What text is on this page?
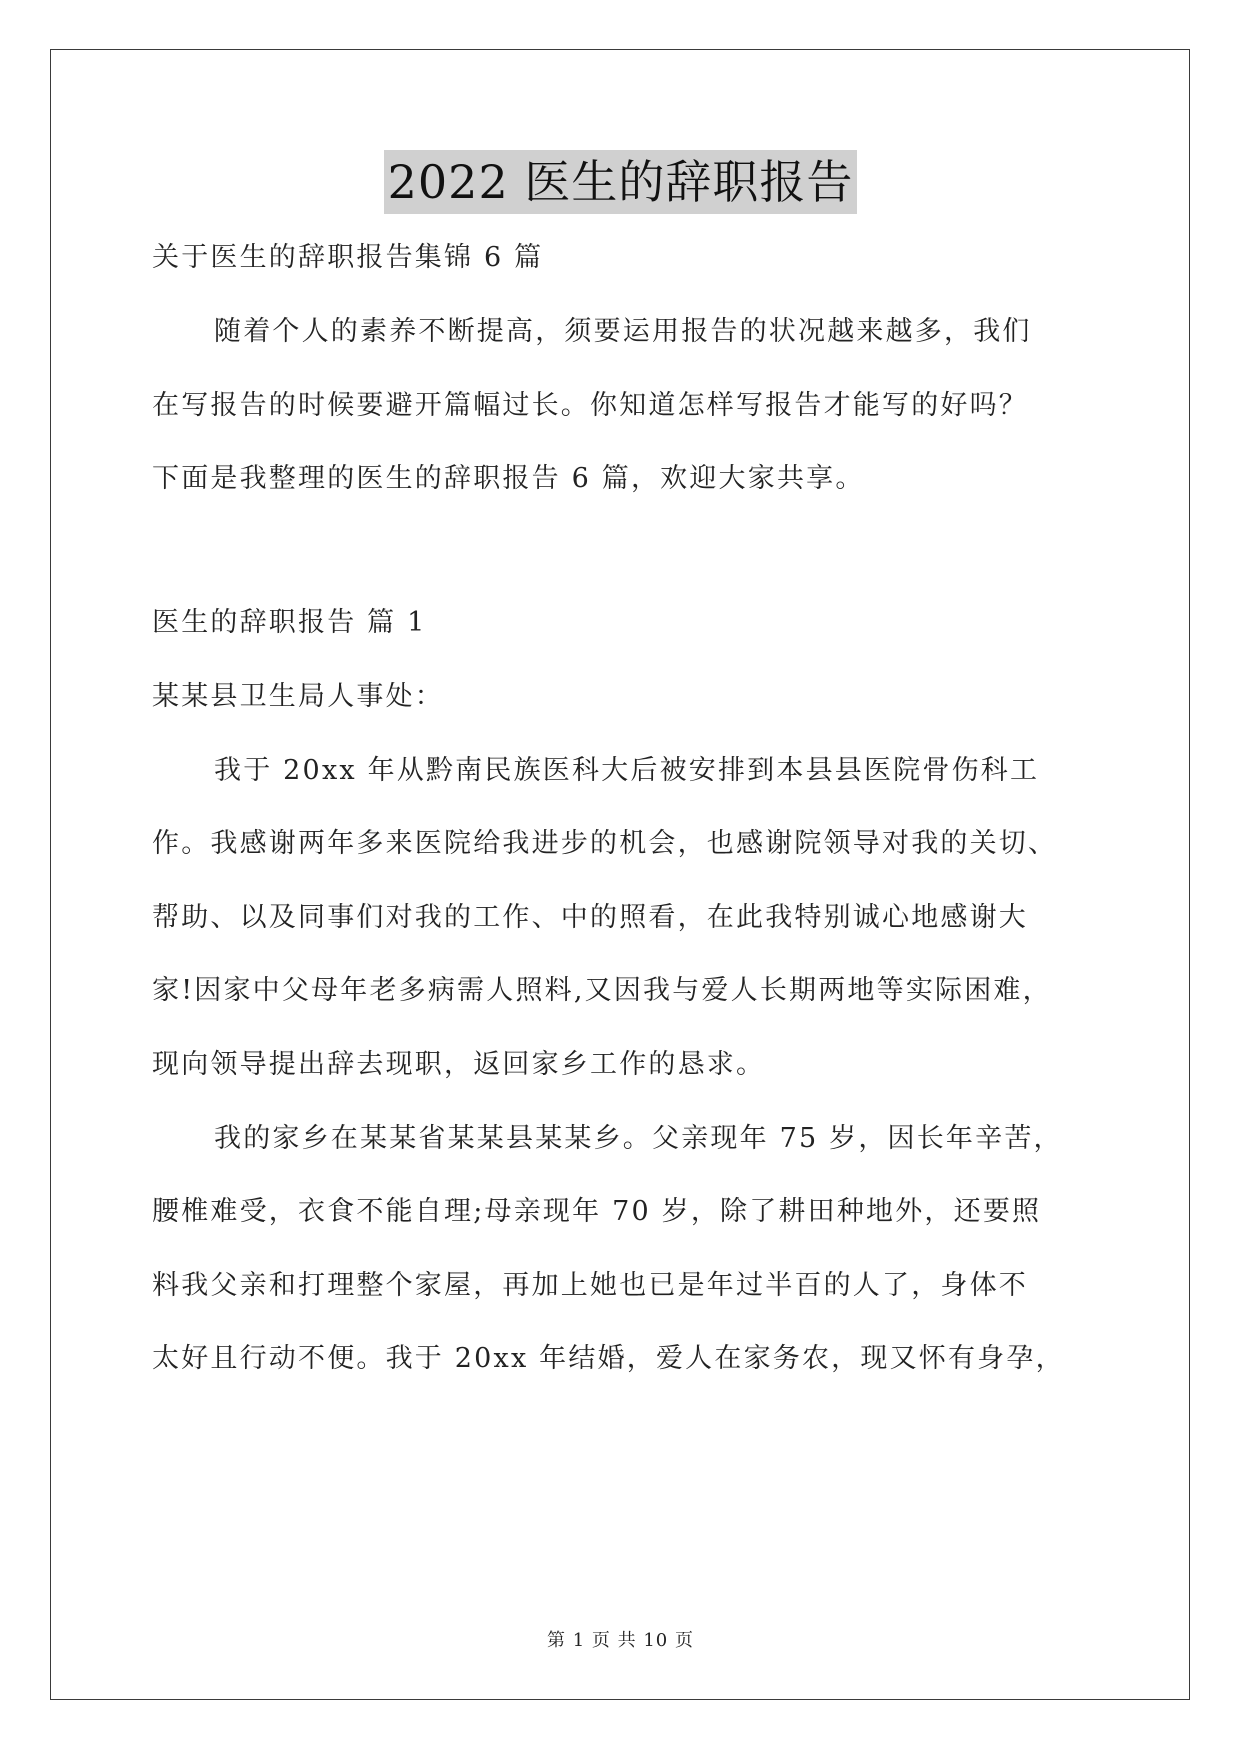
2022 医生的辞职报告
关于医生的辞职报告集锦 6 篇
随着个人的素养不断提高，须要运用报告的状况越来越多，我们
在写报告的时候要避开篇幅过长。你知道怎样写报告才能写的好吗？
下面是我整理的医生的辞职报告 6 篇，欢迎大家共享。
医生的辞职报告 篇 1
某某县卫生局人事处：
我于 20xx 年从黔南民族医科大后被安排到本县县医院骨伤科工
作。我感谢两年多来医院给我进步的机会，也感谢院领导对我的关切、
帮助、以及同事们对我的工作、中的照看，在此我特别诚心地感谢大
家!因家中父母年老多病需人照料,又因我与爱人长期两地等实际困难，
现向领导提出辞去现职，返回家乡工作的恳求。
我的家乡在某某省某某县某某乡。父亲现年 75 岁，因长年辛苦，
腰椎难受，衣食不能自理;母亲现年 70 岁，除了耕田种地外，还要照
料我父亲和打理整个家屋，再加上她也已是年过半百的人了，身体不
太好且行动不便。我于 20xx 年结婚，爱人在家务农，现又怀有身孕，
第 1 页 共 10 页
